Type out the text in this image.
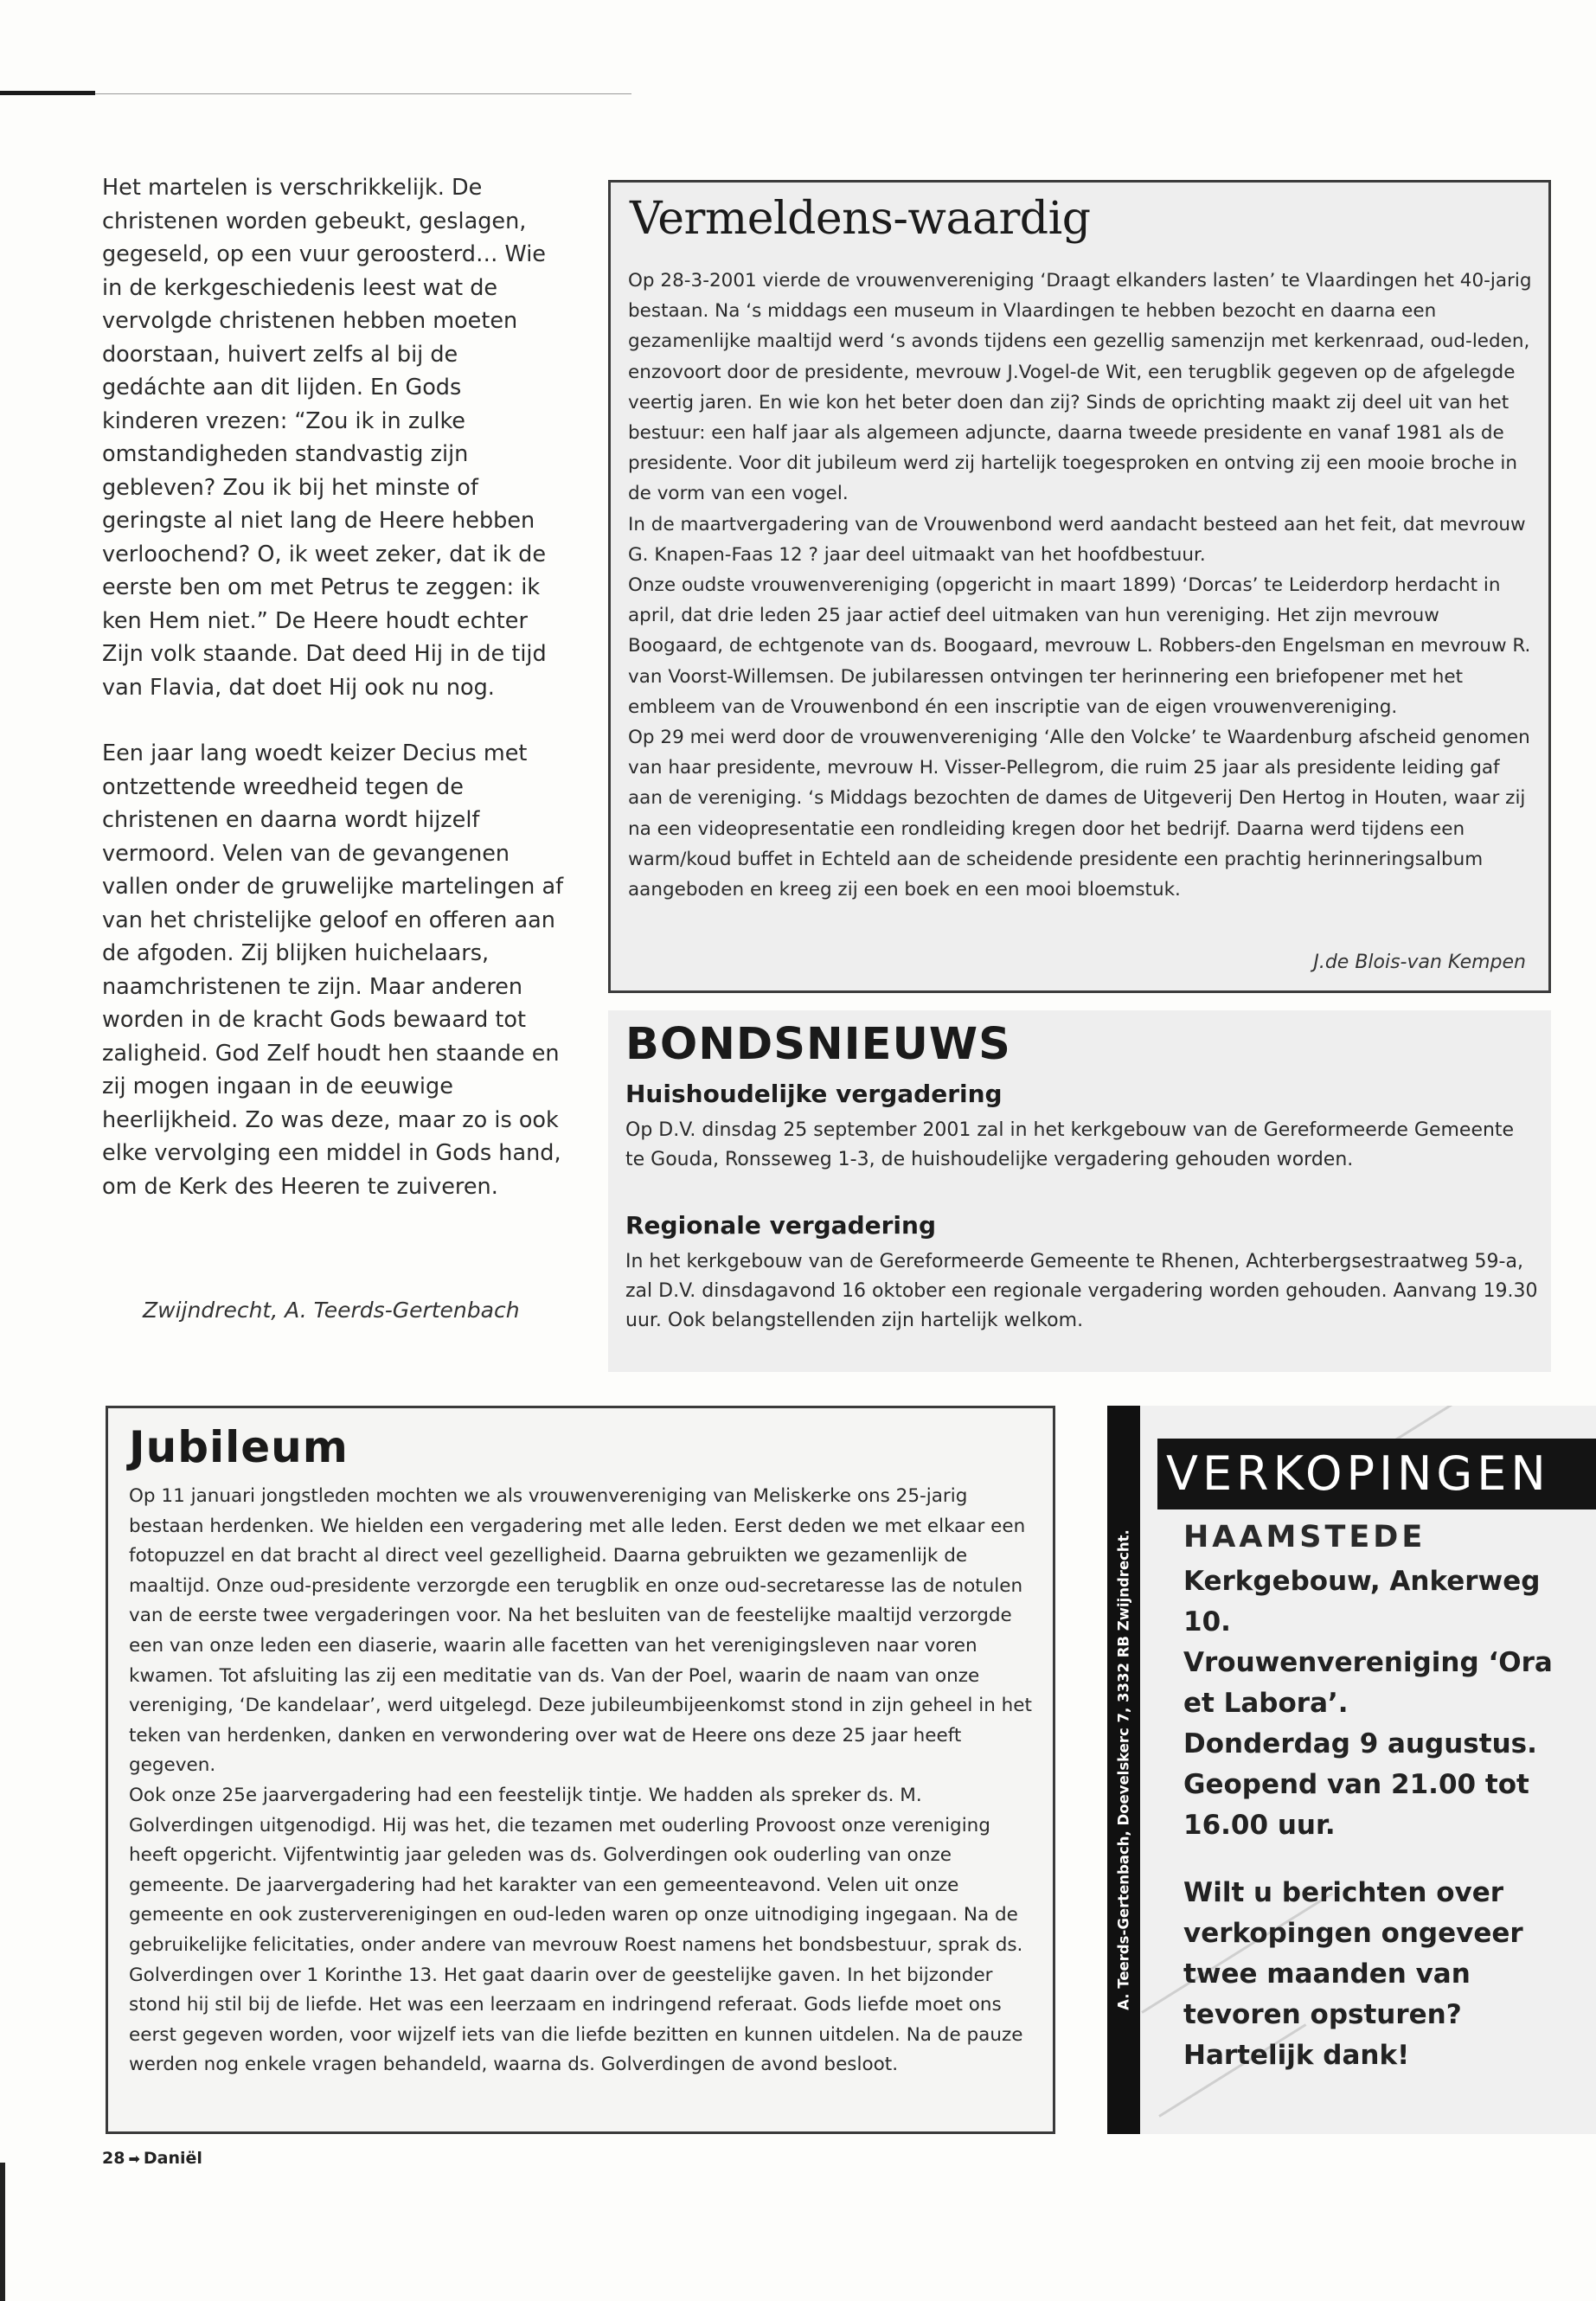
Het martelen is verschrikkelijk. De christenen worden gebeukt, geslagen, gegeseld, op een vuur geroosterd… Wie in de kerkgeschiedenis leest wat de vervolgde christenen hebben moeten doorstaan, huivert zelfs al bij de gedáchte aan dit lijden. En Gods kinderen vrezen: “Zou ik in zulke omstandigheden standvastig zijn gebleven? Zou ik bij het minste of geringste al niet lang de Heere hebben verloochend? O, ik weet zeker, dat ik de eerste ben om met Petrus te zeggen: ik ken Hem niet.” De Heere houdt echter Zijn volk staande. Dat deed Hij in de tijd van Flavia, dat doet Hij ook nu nog.

Een jaar lang woedt keizer Decius met ontzettende wreedheid tegen de christenen en daarna wordt hijzelf vermoord. Velen van de gevangenen vallen onder de gruwelijke martelingen af van het christelijke geloof en offeren aan de afgoden. Zij blijken huichelaars, naamchristenen te zijn. Maar anderen worden in de kracht Gods bewaard tot zaligheid. God Zelf houdt hen staande en zij mogen ingaan in de eeuwige heerlijkheid. Zo was deze, maar zo is ook elke vervolging een middel in Gods hand, om de Kerk des Heeren te zuiveren.

Zwijndrecht, A. Teerds-Gertenbach
Vermeldens-waardig

Op 28-3-2001 vierde de vrouwenvereniging ‘Draagt elkanders lasten’ te Vlaardingen het 40-jarig bestaan. Na ‘s middags een museum in Vlaardingen te hebben bezocht en daarna een gezamenlijke maaltijd werd ‘s avonds tijdens een gezellig samenzijn met kerkenraad, oud-leden, enzovoort door de presidente, mevrouw J.Vogel-de Wit, een terugblik gegeven op de afgelegde veertig jaren. En wie kon het beter doen dan zij? Sinds de oprichting maakt zij deel uit van het bestuur: een half jaar als algemeen adjuncte, daarna tweede presidente en vanaf 1981 als de presidente. Voor dit jubileum werd zij hartelijk toegesproken en ontving zij een mooie broche in de vorm van een vogel.

In de maartvergadering van de Vrouwenbond werd aandacht besteed aan het feit, dat mevrouw G. Knapen-Faas 12 ? jaar deel uitmaakt van het hoofdbestuur.

Onze oudste vrouwenvereniging (opgericht in maart 1899) ‘Dorcas’ te Leiderdorp herdacht in april, dat drie leden 25 jaar actief deel uitmaken van hun vereniging. Het zijn mevrouw Boogaard, de echtgenote van ds. Boogaard, mevrouw L. Robbers-den Engelsman en mevrouw R. van Voorst-Willemsen. De jubilaressen ontvingen ter herinnering een briefopener met het embleem van de Vrouwenbond én een inscriptie van de eigen vrouwenvereniging.

Op 29 mei werd door de vrouwenvereniging ‘Alle den Volcke’ te Waardenburg afscheid genomen van haar presidente, mevrouw H. Visser-Pellegrom, die ruim 25 jaar als presidente leiding gaf aan de vereniging. ‘s Middags bezochten de dames de Uitgeverij Den Hertog in Houten, waar zij na een videopresentatie een rondleiding kregen door het bedrijf. Daarna werd tijdens een warm/koud buffet in Echteld aan de scheidende presidente een prachtig herinneringsalbum aangeboden en kreeg zij een boek en een mooi bloemstuk.

J.de Blois-van Kempen
BONDSNIEUWS
Huishoudelijke vergadering
Op D.V. dinsdag 25 september 2001 zal in het kerkgebouw van de Gereformeerde Gemeente te Gouda, Ronsseweg 1-3, de huishoudelijke vergadering gehouden worden.
Regionale vergadering
In het kerkgebouw van de Gereformeerde Gemeente te Rhenen, Achterbergsestraatweg 59-a, zal D.V. dinsdagavond 16 oktober een regionale vergadering worden gehouden. Aanvang 19.30 uur. Ook belangstellenden zijn hartelijk welkom.
Jubileum

Op 11 januari jongstleden mochten we als vrouwenvereniging van Meliskerke ons 25-jarig bestaan herdenken. We hielden een vergadering met alle leden. Eerst deden we met elkaar een fotopuzzel en dat bracht al direct veel gezelligheid. Daarna gebruikten we gezamenlijk de maaltijd. Onze oud-presidente verzorgde een terugblik en onze oud-secretaresse las de notulen van de eerste twee vergaderingen voor. Na het besluiten van de feestelijke maaltijd verzorgde een van onze leden een diaserie, waarin alle facetten van het verenigingsleven naar voren kwamen. Tot afsluiting las zij een meditatie van ds. Van der Poel, waarin de naam van onze vereniging, ‘De kandelaar’, werd uitgelegd. Deze jubileumbijeenkomst stond in zijn geheel in het teken van herdenken, danken en verwondering over wat de Heere ons deze 25 jaar heeft gegeven.

Ook onze 25e jaarvergadering had een feestelijk tintje. We hadden als spreker ds. M. Golverdingen uitgenodigd. Hij was het, die tezamen met ouderling Provoost onze vereniging heeft opgericht. Vijfentwintig jaar geleden was ds. Golverdingen ook ouderling van onze gemeente. De jaarvergadering had het karakter van een gemeenteavond. Velen uit onze gemeente en ook zusterverenigingen en oud-leden waren op onze uitnodiging ingegaan. Na de gebruikelijke felicitaties, onder andere van mevrouw Roest namens het bondsbestuur, sprak ds. Golverdingen over 1 Korinthe 13. Het gaat daarin over de geestelijke gaven. In het bijzonder stond hij stil bij de liefde. Het was een leerzaam en indringend referaat. Gods liefde moet ons eerst gegeven worden, voor wijzelf iets van die liefde bezitten en kunnen uitdelen. Na de pauze werden nog enkele vragen behandeld, waarna ds. Golverdingen de avond besloot.

A. Teerds-Gertenbach, Doevelskerc 7, 3332 RB Zwijndrecht.
VERKOPINGEN
HAAMSTEDE

Kerkgebouw, Ankerweg 10.

Vrouwenvereniging ‘Ora et Labora’.

Donderdag 9 augustus.

Geopend van 21.00 tot 16.00 uur.

Wilt u berichten over verkopingen ongeveer twee maanden van tevoren opsturen?

Hartelijk dank!

28 ➡ Daniël
